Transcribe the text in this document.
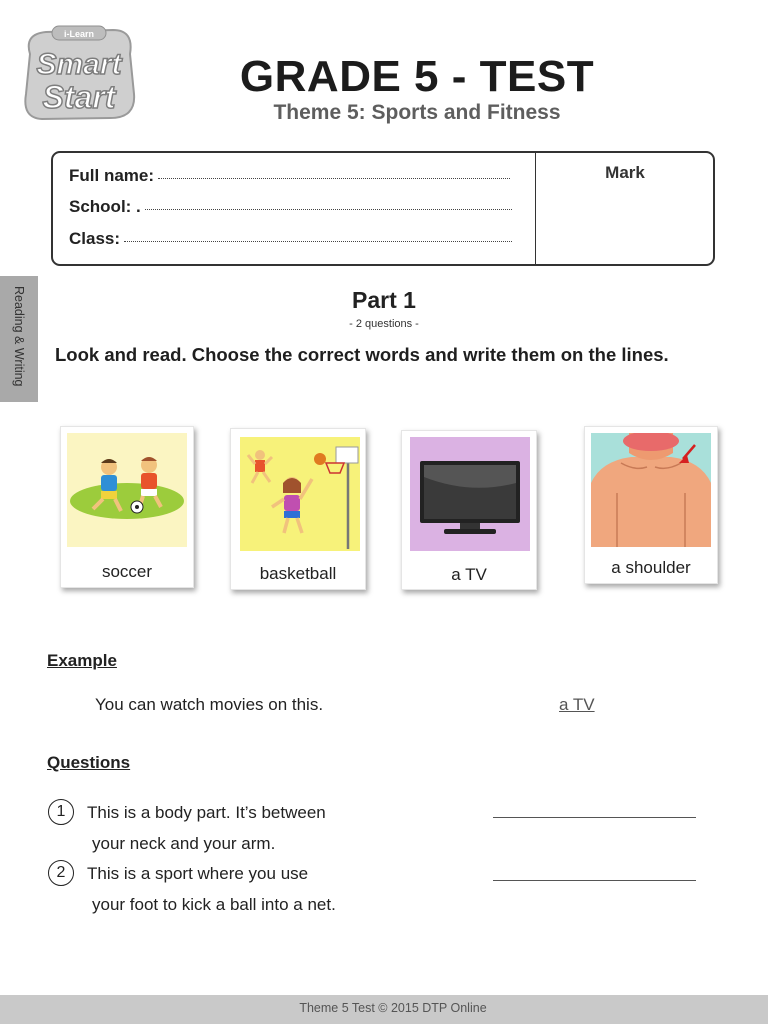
i-Learn
Smart
Start	GRADE 5 - TEST
Theme 5: Sports and Fitness
Full name:
School: .
Class:
Mark
Reading & Writing	Part 1
- 2 questions -
Look and read. Choose the correct words and write them on the lines.
soccer	basketball	a TV	a shoulder
Example
You can watch movies on this.	a TV
Questions
1	This is a body part. It’s between
your neck and your arm.
2	This is a sport where you use
your foot to kick a ball into a net.
Theme 5 Test © 2015 DTP Online
